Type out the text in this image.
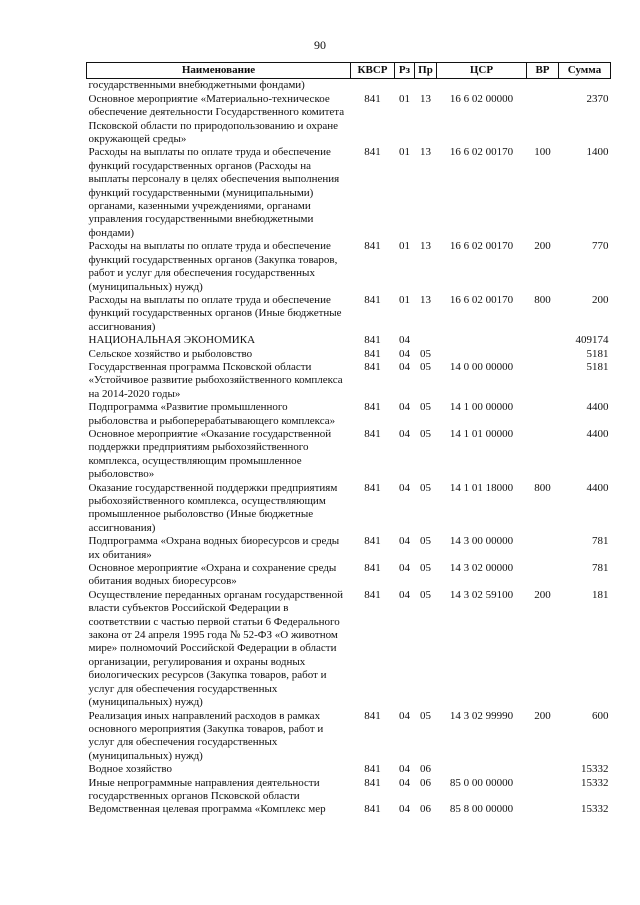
90
Наименование	КВСР	Рз	Пр	ЦСР	ВР	Сумма
государственными внебюджетными фондами)						
Основное мероприятие «Материально-техническое обеспечение деятельности Государственного комитета Псковской области по природопользованию и охране окружающей среды»	841	01	13	16 6 02 00000		2370
Расходы на выплаты по оплате труда и обеспечение функций государственных органов (Расходы на выплаты персоналу в целях обеспечения выполнения функций государственными (муниципальными) органами, казенными учреждениями, органами управления государственными внебюджетными фондами)	841	01	13	16 6 02 00170	100	1400
Расходы на выплаты по оплате труда и обеспечение функций государственных органов (Закупка товаров, работ и услуг для обеспечения государственных (муниципальных) нужд)	841	01	13	16 6 02 00170	200	770
Расходы на выплаты по оплате труда и обеспечение функций государственных органов (Иные бюджетные ассигнования)	841	01	13	16 6 02 00170	800	200
НАЦИОНАЛЬНАЯ ЭКОНОМИКА	841	04				409174
Сельское хозяйство и рыболовство	841	04	05			5181
Государственная программа Псковской области «Устойчивое развитие рыбохозяйственного комплекса на 2014-2020 годы»	841	04	05	14 0 00 00000		5181
Подпрограмма «Развитие промышленного рыболовства и рыбоперерабатывающего комплекса»	841	04	05	14 1 00 00000		4400
Основное мероприятие «Оказание государственной поддержки предприятиям рыбохозяйственного комплекса, осуществляющим промышленное рыболовство»	841	04	05	14 1 01 00000		4400
Оказание государственной поддержки предприятиям рыбохозяйственного комплекса, осуществляющим промышленное рыболовство (Иные бюджетные ассигнования)	841	04	05	14 1 01 18000	800	4400
Подпрограмма «Охрана водных биоресурсов и среды их обитания»	841	04	05	14 3 00 00000		781
Основное мероприятие «Охрана и сохранение среды обитания водных биоресурсов»	841	04	05	14 3 02 00000		781
Осуществление переданных органам государственной власти субъектов Российской Федерации в соответствии с частью первой статьи 6 Федерального закона от 24 апреля 1995 года № 52-ФЗ «О животном мире» полномочий Российской Федерации в области организации, регулирования и охраны водных биологических ресурсов (Закупка товаров, работ и услуг для обеспечения государственных (муниципальных) нужд)	841	04	05	14 3 02 59100	200	181
Реализация иных направлений расходов в рамках основного мероприятия (Закупка товаров, работ и услуг для обеспечения государственных (муниципальных) нужд)	841	04	05	14 3 02 99990	200	600
Водное хозяйство	841	04	06			15332
Иные непрограммные направления деятельности государственных органов Псковской области	841	04	06	85 0 00 00000		15332
Ведомственная целевая программа «Комплекс мер	841	04	06	85 8 00 00000		15332
